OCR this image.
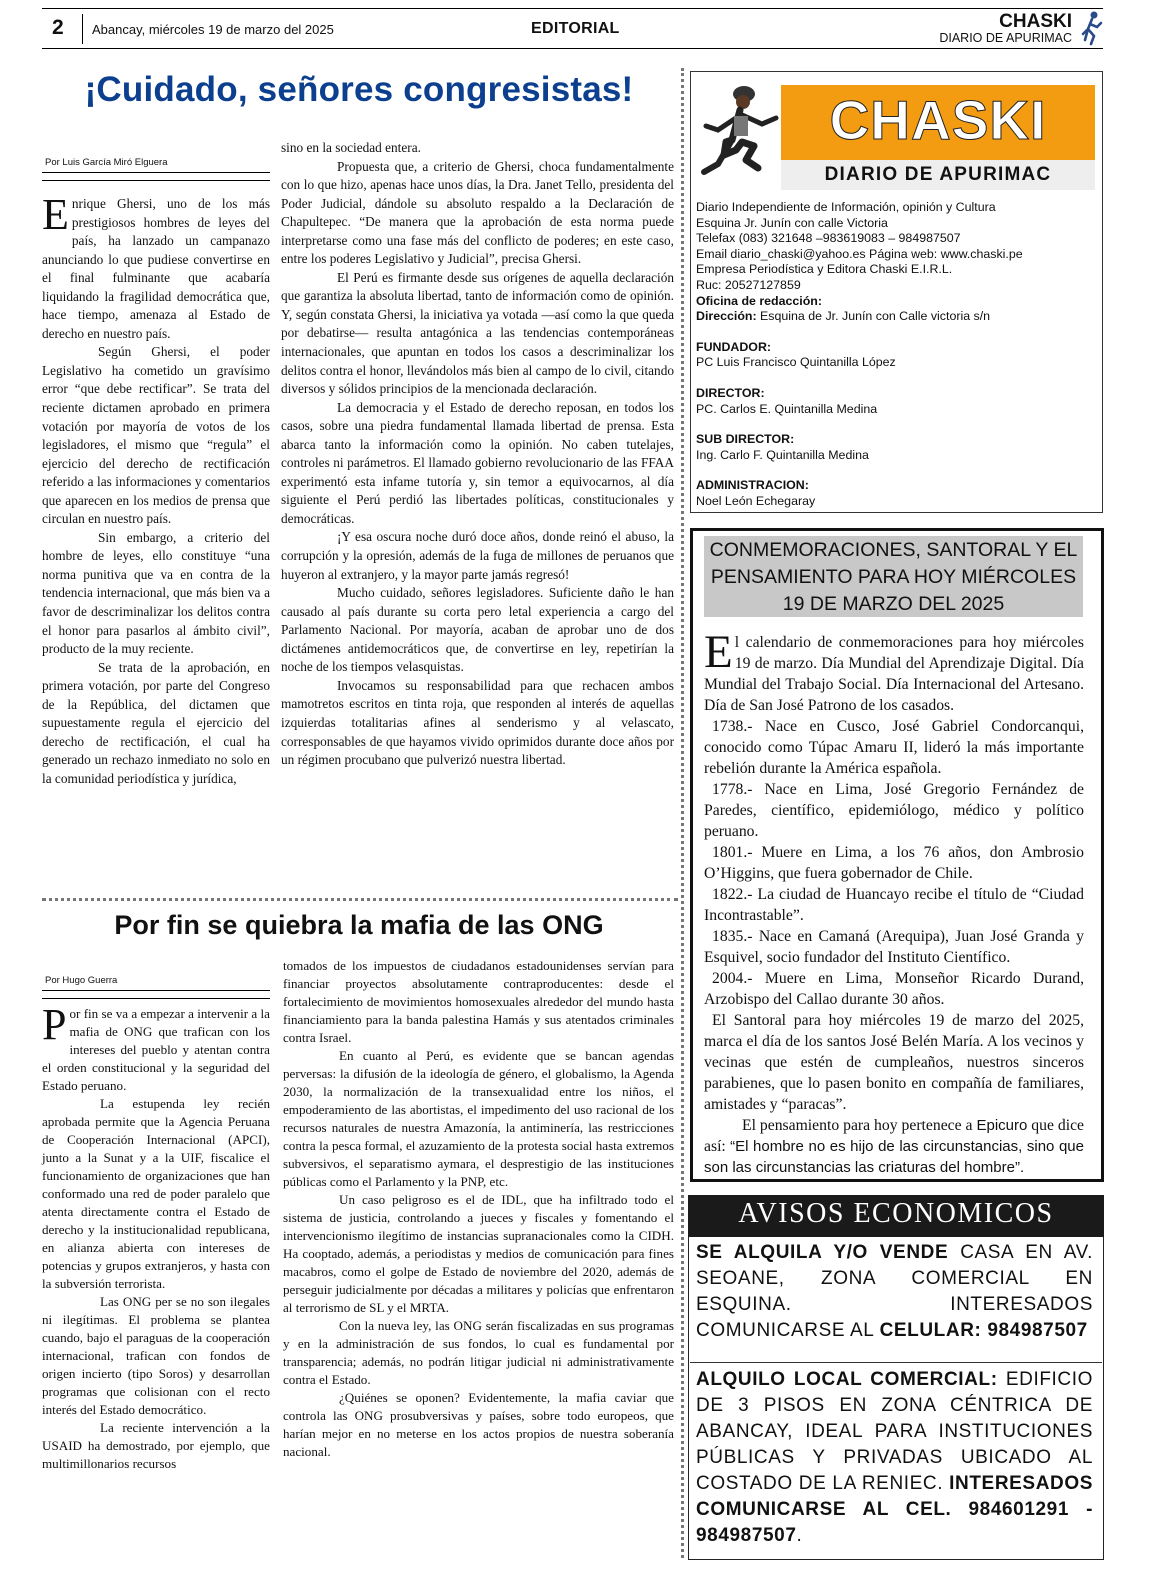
2 Abancay, miércoles 19 de marzo del 2025	EDITORIAL	CHASKI
DIARIO DE APURIMAC
¡Cuidado, señores congresistas!
Por Luis García Miró Elguera
E nrique Ghersi, uno de los más prestigiosos hombres de leyes del país, ha lanzado un campanazo anunciando lo que pudiese convertirse en el final fulminante que acabaría liquidando la fragilidad democrática que, hace tiempo, amenaza al Estado de derecho en nuestro país.

Según Ghersi, el poder Legislativo ha cometido un gravísimo error “que debe rectificar”. Se trata del reciente dictamen aprobado en primera votación por mayoría de votos de los legisladores, el mismo que “regula” el ejercicio del derecho de rectificación referido a las informaciones y comentarios que aparecen en los medios de prensa que circulan en nuestro país.

Sin embargo, a criterio del hombre de leyes, ello constituye “una norma punitiva que va en contra de la tendencia internacional, que más bien va a favor de descriminalizar los delitos contra el honor para pasarlos al ámbito civil”, producto de la muy reciente.

Se trata de la aprobación, en primera votación, por parte del Congreso de la República, del dictamen que supuestamente regula el ejercicio del derecho de rectificación, el cual ha generado un rechazo inmediato no solo en la comunidad periodística y jurídica,

sino en la sociedad entera.

Propuesta que, a criterio de Ghersi, choca fundamentalmente con lo que hizo, apenas hace unos días, la Dra. Janet Tello, presidenta del Poder Judicial, dándole su absoluto respaldo a la Declaración de Chapultepec. “De manera que la aprobación de esta norma puede interpretarse como una fase más del conflicto de poderes; en este caso, entre los poderes Legislativo y Judicial”, precisa Ghersi.

El Perú es firmante desde sus orígenes de aquella declaración que garantiza la absoluta libertad, tanto de información como de opinión. Y, según constata Ghersi, la iniciativa ya votada —así como la que queda por debatirse— resulta antagónica a las tendencias contemporáneas internacionales, que apuntan en todos los casos a descriminalizar los delitos contra el honor, llevándolos más bien al campo de lo civil, citando diversos y sólidos principios de la mencionada declaración.

La democracia y el Estado de derecho reposan, en todos los casos, sobre una piedra fundamental llamada libertad de prensa. Esta abarca tanto la información como la opinión. No caben tutelajes, controles ni parámetros. El llamado gobierno revolucionario de las FFAA experimentó esta infame tutoría y, sin temor a equivocarnos, al día siguiente el Perú perdió las libertades políticas, constitucionales y democráticas.

¡Y esa oscura noche duró doce años, donde reinó el abuso, la corrupción y la opresión, además de la fuga de millones de peruanos que huyeron al extranjero, y la mayor parte jamás regresó!

Mucho cuidado, señores legisladores. Suficiente daño le han causado al país durante su corta pero letal experiencia a cargo del Parlamento Nacional. Por mayoría, acaban de aprobar uno de dos dictámenes antidemocráticos que, de convertirse en ley, repetirían la noche de los tiempos velasquistas.

Invocamos su responsabilidad para que rechacen ambos mamotretos escritos en tinta roja, que responden al interés de aquellas izquierdas totalitarias afines al senderismo y al velascato, corresponsables de que hayamos vivido oprimidos durante doce años por un régimen procubano que pulverizó nuestra libertad.

Por fin se quiebra la mafia de las ONG
Por Hugo Guerra
P or fin se va a empezar a intervenir a la mafia de ONG que trafican con los intereses del pueblo y atentan contra el orden constitucional y la seguridad del Estado peruano.

La estupenda ley recién aprobada permite que la Agencia Peruana de Cooperación Internacional (APCI), junto a la Sunat y a la UIF, fiscalice el funcionamiento de organizaciones que han conformado una red de poder paralelo que atenta directamente contra el Estado de derecho y la institucionalidad republicana, en alianza abierta con intereses de potencias y grupos extranjeros, y hasta con la subversión terrorista.

Las ONG per se no son ilegales ni ilegítimas. El problema se plantea cuando, bajo el paraguas de la cooperación internacional, trafican con fondos de origen incierto (tipo Soros) y desarrollan programas que colisionan con el recto interés del Estado democrático.

La reciente intervención a la USAID ha demostrado, por ejemplo, que multimillonarios recursos

tomados de los impuestos de ciudadanos estadounidenses servían para financiar proyectos absolutamente contraproducentes: desde el fortalecimiento de movimientos homosexuales alrededor del mundo hasta financiamiento para la banda palestina Hamás y sus atentados criminales contra Israel.

En cuanto al Perú, es evidente que se bancan agendas perversas: la difusión de la ideología de género, el globalismo, la Agenda 2030, la normalización de la transexualidad entre los niños, el empoderamiento de las abortistas, el impedimento del uso racional de los recursos naturales de nuestra Amazonía, la antiminería, las restricciones contra la pesca formal, el azuzamiento de la protesta social hasta extremos subversivos, el separatismo aymara, el desprestigio de las instituciones públicas como el Parlamento y la PNP, etc.

Un caso peligroso es el de IDL, que ha infiltrado todo el sistema de justicia, controlando a jueces y fiscales y fomentando el intervencionismo ilegítimo de instancias supranacionales como la CIDH. Ha cooptado, además, a periodistas y medios de comunicación para fines macabros, como el golpe de Estado de noviembre del 2020, además de perseguir judicialmente por décadas a militares y policías que enfrentaron al terrorismo de SL y el MRTA.

Con la nueva ley, las ONG serán fiscalizadas en sus programas y en la administración de sus fondos, lo cual es fundamental por transparencia; además, no podrán litigar judicial ni administrativamente contra el Estado.

¿Quiénes se oponen? Evidentemente, la mafia caviar que controla las ONG prosubversivas y países, sobre todo europeos, que harían mejor en no meterse en los actos propios de nuestra soberanía nacional.

CHASKI
DIARIO DE APURIMAC
Diario Independiente de Información, opinión y Cultura
Esquina Jr. Junín con calle Victoria
Telefax (083) 321648 –983619083 – 984987507
Email diario_chaski@yahoo.es Página web: www.chaski.pe
Empresa Periodística y Editora Chaski E.I.R.L.
Ruc: 20527127859
Oficina de redacción:
Dirección: Esquina de Jr. Junín con Calle victoria s/n
FUNDADOR:
PC Luis Francisco Quintanilla López
DIRECTOR:
PC. Carlos E. Quintanilla Medina
SUB DIRECTOR:
Ing. Carlo F. Quintanilla Medina
ADMINISTRACION:
Noel León Echegaray
CONMEMORACIONES, SANTORAL Y EL
PENSAMIENTO PARA HOY MIÉRCOLES
19 DE MARZO DEL 2025
E l calendario de conmemoraciones para hoy miércoles 19 de marzo. Día Mundial del Aprendizaje Digital. Día Mundial del Trabajo Social. Día Internacional del Artesano. Día de San José Patrono de los casados.

1738.- Nace en Cusco, José Gabriel Condorcanqui, conocido como Túpac Amaru II, lideró la más importante rebelión durante la América española.

1778.- Nace en Lima, José Gregorio Fernández de Paredes, científico, epidemiólogo, médico y político peruano.

1801.- Muere en Lima, a los 76 años, don Ambrosio O’Higgins, que fuera gobernador de Chile.

1822.- La ciudad de Huancayo recibe el título de “Ciudad Incontrastable”.

1835.- Nace en Camaná (Arequipa), Juan José Granda y Esquivel, socio fundador del Instituto Científico.

2004.- Muere en Lima, Monseñor Ricardo Durand, Arzobispo del Callao durante 30 años.

El Santoral para hoy miércoles 19 de marzo del 2025, marca el día de los santos José Belén María. A los vecinos y vecinas que estén de cumpleaños, nuestros sinceros parabienes, que lo pasen bonito en compañía de familiares, amistades y “paracas”.

El pensamiento para hoy pertenece a Epicuro que dice así: “El hombre no es hijo de las circunstancias, sino que son las circunstancias las criaturas del hombre”.

AVISOS ECONOMICOS
SE ALQUILA Y/O VENDE CASA EN AV. SEOANE, ZONA COMERCIAL EN ESQUINA. INTERESADOS COMUNICARSE AL CELULAR: 984987507
ALQUILO LOCAL COMERCIAL: EDIFICIO DE 3 PISOS EN ZONA CÉNTRICA DE ABANCAY, IDEAL PARA INSTITUCIONES PÚBLICAS Y PRIVADAS UBICADO AL COSTADO DE LA RENIEC. INTERESADOS COMUNICARSE AL CEL. 984601291 - 984987507.
